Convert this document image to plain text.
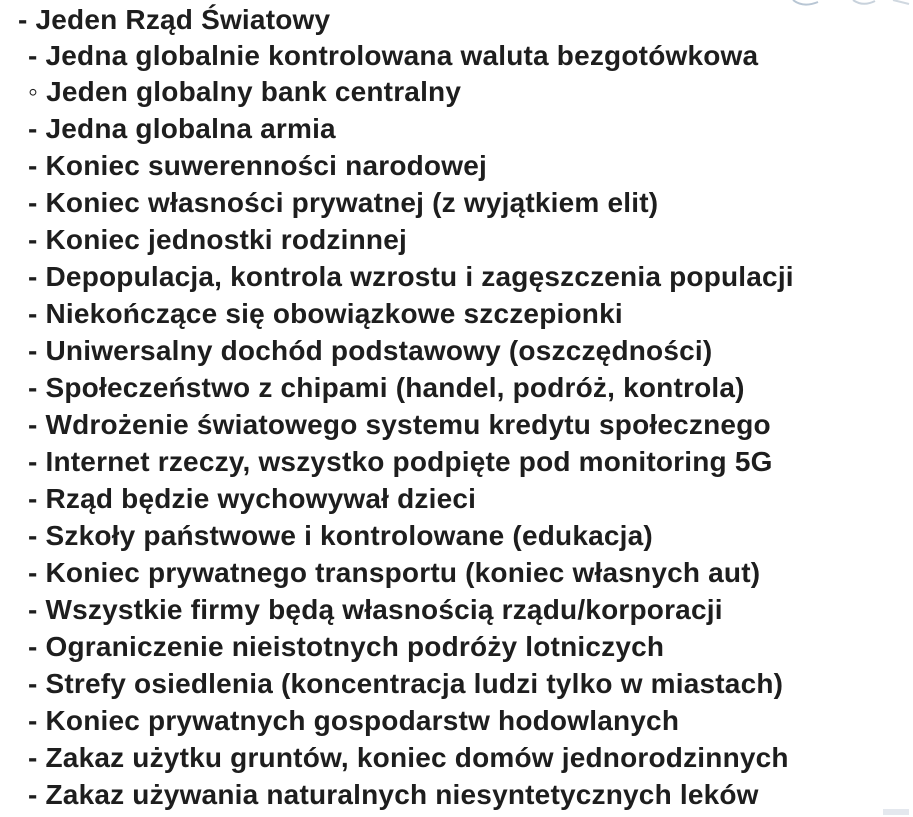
- Jeden Rząd Światowy
- Jedna globalnie kontrolowana waluta bezgotówkowa
◦ Jeden globalny bank centralny
- Jedna globalna armia
- Koniec suwerenności narodowej
- Koniec własności prywatnej (z wyjątkiem elit)
- Koniec jednostki rodzinnej
- Depopulacja, kontrola wzrostu i zagęszczenia populacji
- Niekończące się obowiązkowe szczepionki
- Uniwersalny dochód podstawowy (oszczędności)
- Społeczeństwo z chipami (handel, podróż, kontrola)
- Wdrożenie światowego systemu kredytu społecznego
- Internet rzeczy, wszystko podpięte pod monitoring 5G
- Rząd będzie wychowywał dzieci
- Szkoły państwowe i kontrolowane (edukacja)
- Koniec prywatnego transportu (koniec własnych aut)
- Wszystkie firmy będą własnością rządu/korporacji
- Ograniczenie nieistotnych podróży lotniczych
- Strefy osiedlenia (koncentracja ludzi tylko w miastach)
- Koniec prywatnych gospodarstw hodowlanych
- Zakaz użytku gruntów, koniec domów jednorodzinnych
- Zakaz używania naturalnych niesyntetycznych leków
